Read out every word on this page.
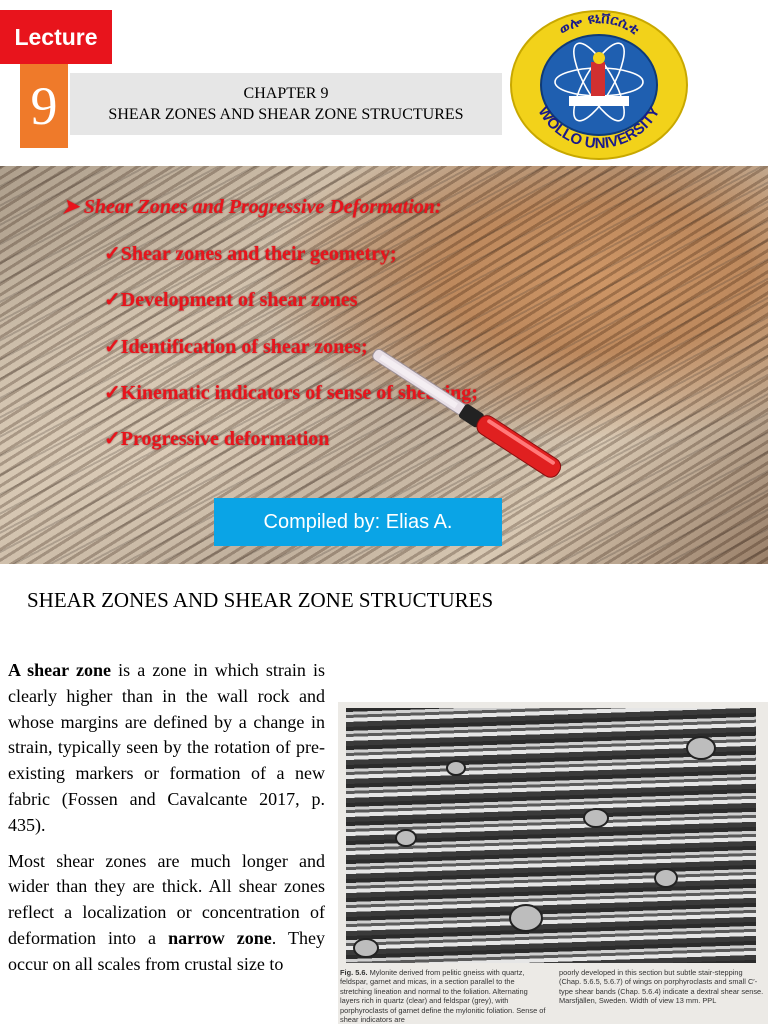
Lecture
9	CHAPTER 9
SHEAR ZONES AND SHEAR ZONE STRUCTURES
ወሎ ዩኒቨርሲቲ
WOLLO UNIVERSITY
➤ Shear Zones and Progressive Deformation:
✓Shear zones and their geometry;
✓Development of shear zones
✓Identification of shear zones;
✓Kinematic indicators of sense of shearing;
✓Progressive deformation
Compiled by: Elias A.
SHEAR ZONES AND SHEAR ZONE STRUCTURES

A shear zone is a zone in which strain is clearly higher than in the wall rock and whose margins are defined by a change in strain, typically seen by the rotation of pre-existing markers or formation of a new fabric (Fossen and Cavalcante 2017, p. 435).

Most shear zones are much longer and wider than they are thick. All shear zones reflect a localization or concentration of deformation into a narrow zone. They occur on all scales from crustal size to	Fig. 5.6. Mylonite derived from pelitic gneiss with quartz, feldspar, garnet and micas, in a section parallel to the stretching lineation and normal to the foliation. Alternating layers rich in quartz (clear) and feldspar (grey), with porphyroclasts of garnet define the mylonitic foliation. Sense of shear indicators are
poorly developed in this section but subtle stair-stepping (Chap. 5.6.5, 5.6.7) of wings on porphyroclasts and small C′-type shear bands (Chap. 5.6.4) indicate a dextral shear sense. Marsfjällen, Sweden. Width of view 13 mm. PPL
